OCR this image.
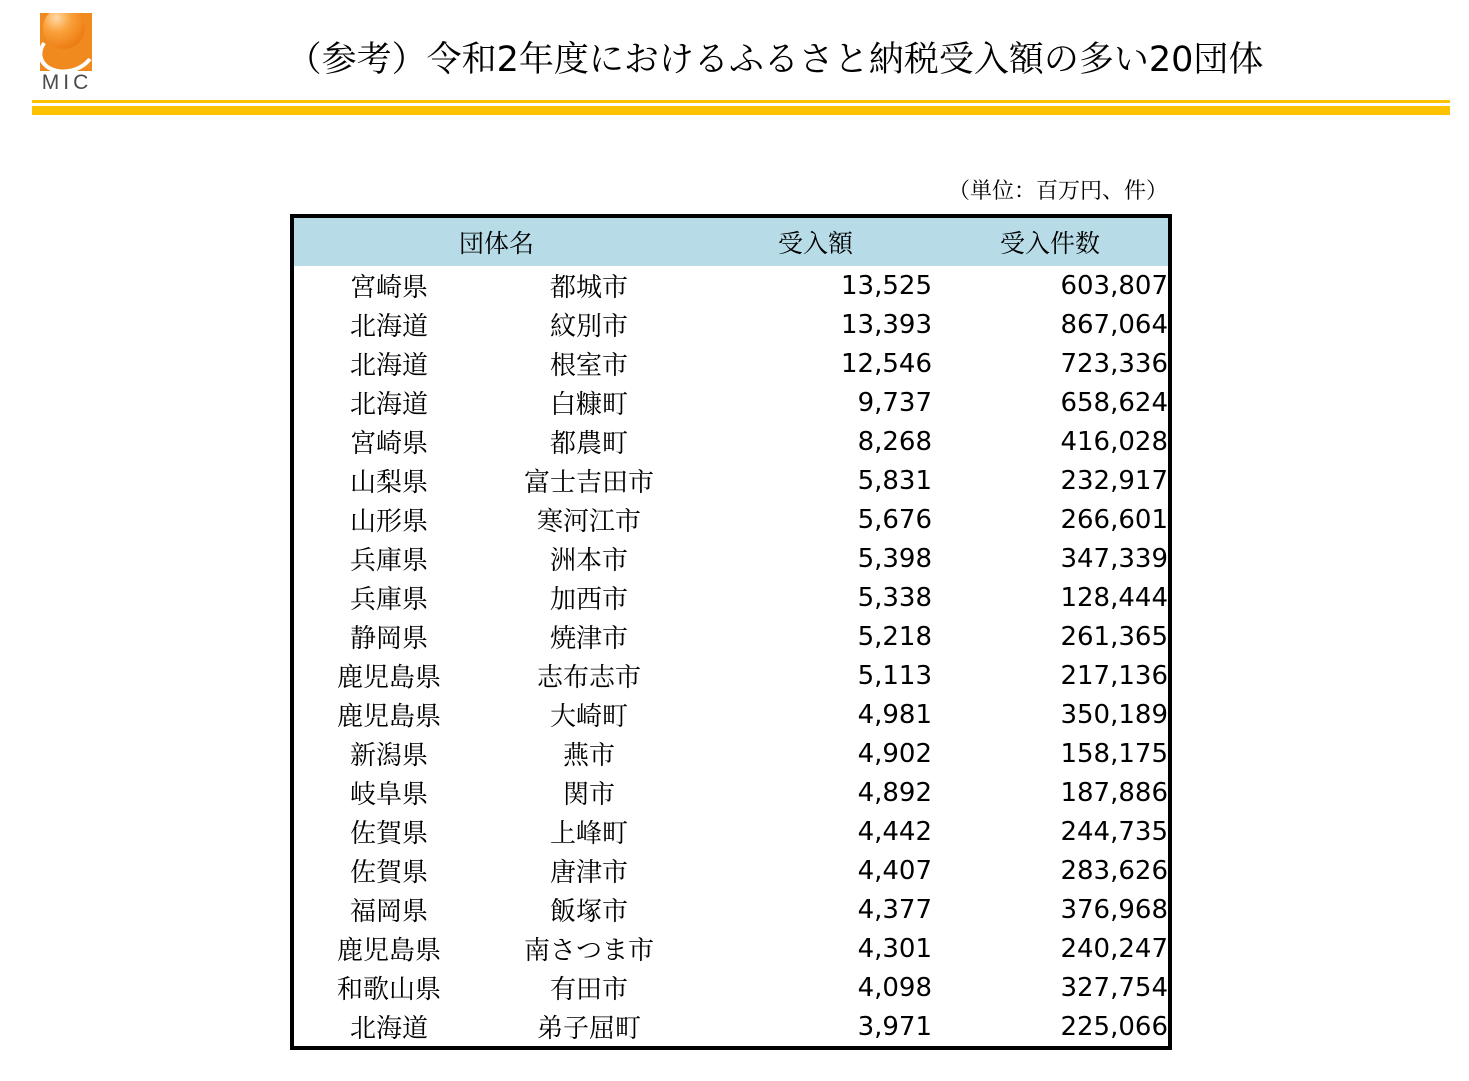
MIC
（参考）令和2年度におけるふるさと納税受入額の多い20団体
（単位：百万円、件）
団体名	受入額	受入件数

宮崎県 都城市	13,525	603,807

北海道 紋別市	13,393	867,064

北海道 根室市	12,546	723,336

北海道 白糠町	9,737	658,624

宮崎県 都農町	8,268	416,028

山梨県 富士吉田市	5,831	232,917

山形県 寒河江市	5,676	266,601

兵庫県 洲本市	5,398	347,339

兵庫県 加西市	5,338	128,444

静岡県 焼津市	5,218	261,365

鹿児島県 志布志市	5,113	217,136

鹿児島県 大崎町	4,981	350,189

新潟県 燕市	4,902	158,175

岐阜県 関市	4,892	187,886

佐賀県 上峰町	4,442	244,735

佐賀県 唐津市	4,407	283,626

福岡県 飯塚市	4,377	376,968

鹿児島県 南さつま市	4,301	240,247

和歌山県 有田市	4,098	327,754

北海道 弟子屈町	3,971	225,066
